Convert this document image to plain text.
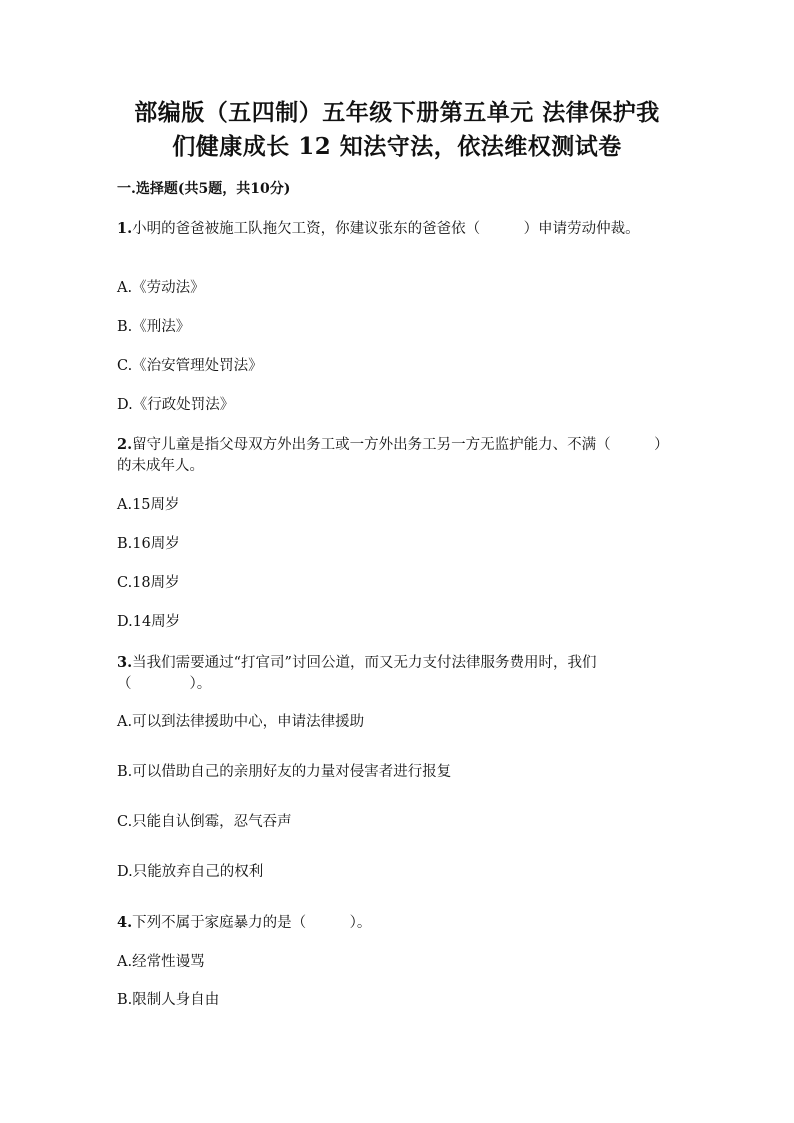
部编版（五四制）五年级下册第五单元 法律保护我
们健康成长 12 知法守法，依法维权测试卷
一.选择题(共5题，共10分)
1.小明的爸爸被施工队拖欠工资，你建议张东的爸爸依（　　　）申请劳动仲裁。
A.《劳动法》
B.《刑法》
C.《治安管理处罚法》
D.《行政处罚法》
2.留守儿童是指父母双方外出务工或一方外出务工另一方无监护能力、不满（　　　）的未成年人。
A.15周岁
B.16周岁
C.18周岁
D.14周岁
3.当我们需要通过“打官司”讨回公道，而又无力支付法律服务费用时，我们（　　　　）。
A.可以到法律援助中心，申请法律援助
B.可以借助自己的亲朋好友的力量对侵害者进行报复
C.只能自认倒霉，忍气吞声
D.只能放弃自己的权利
4.下列不属于家庭暴力的是（　　　）。
A.经常性谩骂
B.限制人身自由
